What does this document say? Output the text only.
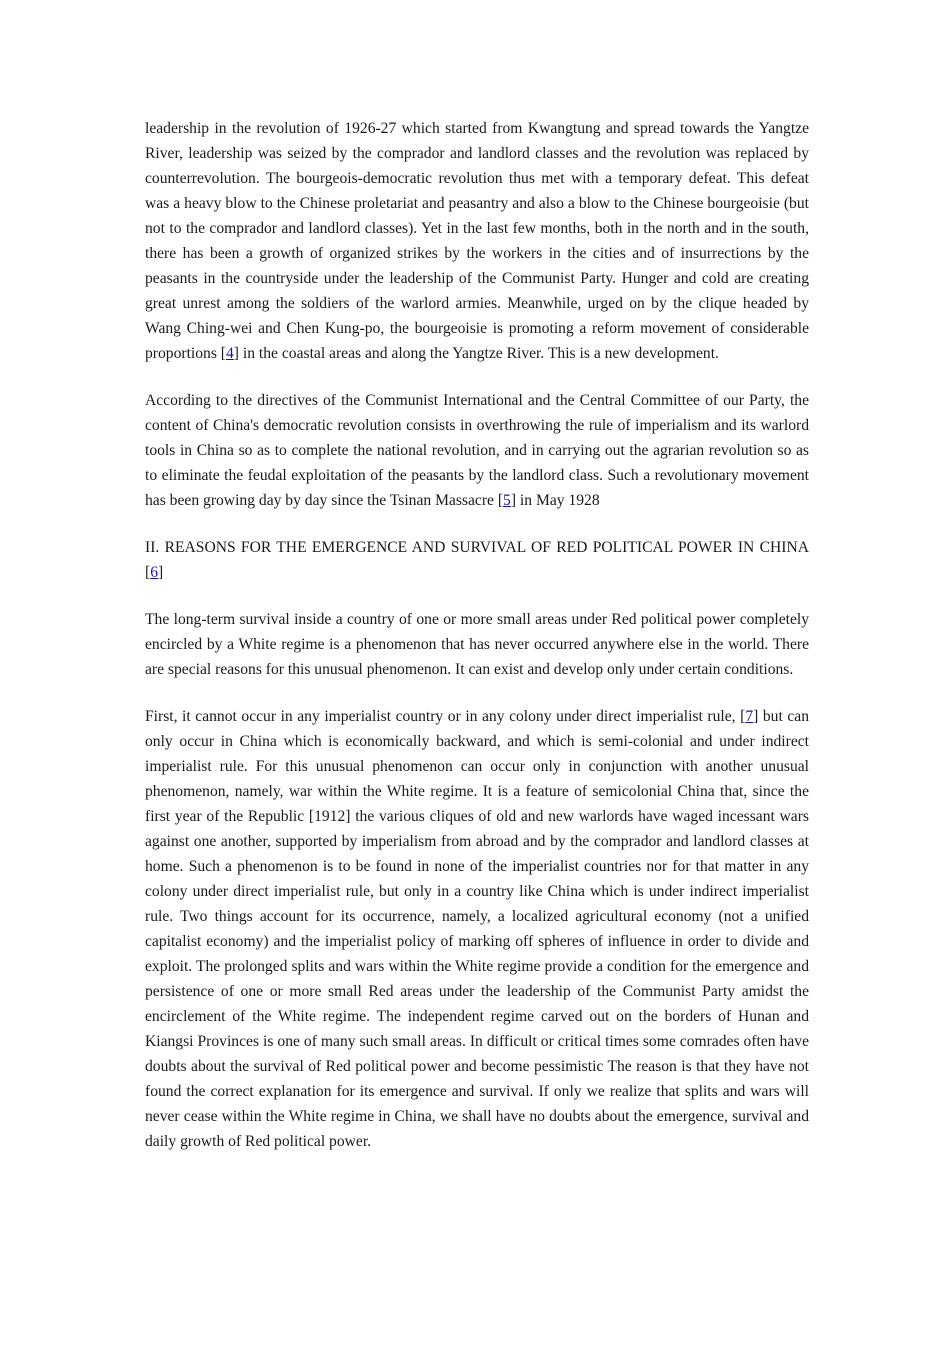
leadership in the revolution of 1926-27 which started from Kwangtung and spread towards the Yangtze River, leadership was seized by the comprador and landlord classes and the revolution was replaced by counterrevolution. The bourgeois-democratic revolution thus met with a temporary defeat. This defeat was a heavy blow to the Chinese proletariat and peasantry and also a blow to the Chinese bourgeoisie (but not to the comprador and landlord classes). Yet in the last few months, both in the north and in the south, there has been a growth of organized strikes by the workers in the cities and of insurrections by the peasants in the countryside under the leadership of the Communist Party. Hunger and cold are creating great unrest among the soldiers of the warlord armies. Meanwhile, urged on by the clique headed by Wang Ching-wei and Chen Kung-po, the bourgeoisie is promoting a reform movement of considerable proportions [4] in the coastal areas and along the Yangtze River. This is a new development.

According to the directives of the Communist International and the Central Committee of our Party, the content of China's democratic revolution consists in overthrowing the rule of imperialism and its warlord tools in China so as to complete the national revolution, and in carrying out the agrarian revolution so as to eliminate the feudal exploitation of the peasants by the landlord class. Such a revolutionary movement has been growing day by day since the Tsinan Massacre [5] in May 1928

II. REASONS FOR THE EMERGENCE AND SURVIVAL OF RED POLITICAL POWER IN CHINA [6]

The long-term survival inside a country of one or more small areas under Red political power completely encircled by a White regime is a phenomenon that has never occurred anywhere else in the world. There are special reasons for this unusual phenomenon. It can exist and develop only under certain conditions.

First, it cannot occur in any imperialist country or in any colony under direct imperialist rule, [7] but can only occur in China which is economically backward, and which is semi-colonial and under indirect imperialist rule. For this unusual phenomenon can occur only in conjunction with another unusual phenomenon, namely, war within the White regime. It is a feature of semicolonial China that, since the first year of the Republic [1912] the various cliques of old and new warlords have waged incessant wars against one another, supported by imperialism from abroad and by the comprador and landlord classes at home. Such a phenomenon is to be found in none of the imperialist countries nor for that matter in any colony under direct imperialist rule, but only in a country like China which is under indirect imperialist rule. Two things account for its occurrence, namely, a localized agricultural economy (not a unified capitalist economy) and the imperialist policy of marking off spheres of influence in order to divide and exploit. The prolonged splits and wars within the White regime provide a condition for the emergence and persistence of one or more small Red areas under the leadership of the Communist Party amidst the encirclement of the White regime. The independent regime carved out on the borders of Hunan and Kiangsi Provinces is one of many such small areas. In difficult or critical times some comrades often have doubts about the survival of Red political power and become pessimistic The reason is that they have not found the correct explanation for its emergence and survival. If only we realize that splits and wars will never cease within the White regime in China, we shall have no doubts about the emergence, survival and daily growth of Red political power.
